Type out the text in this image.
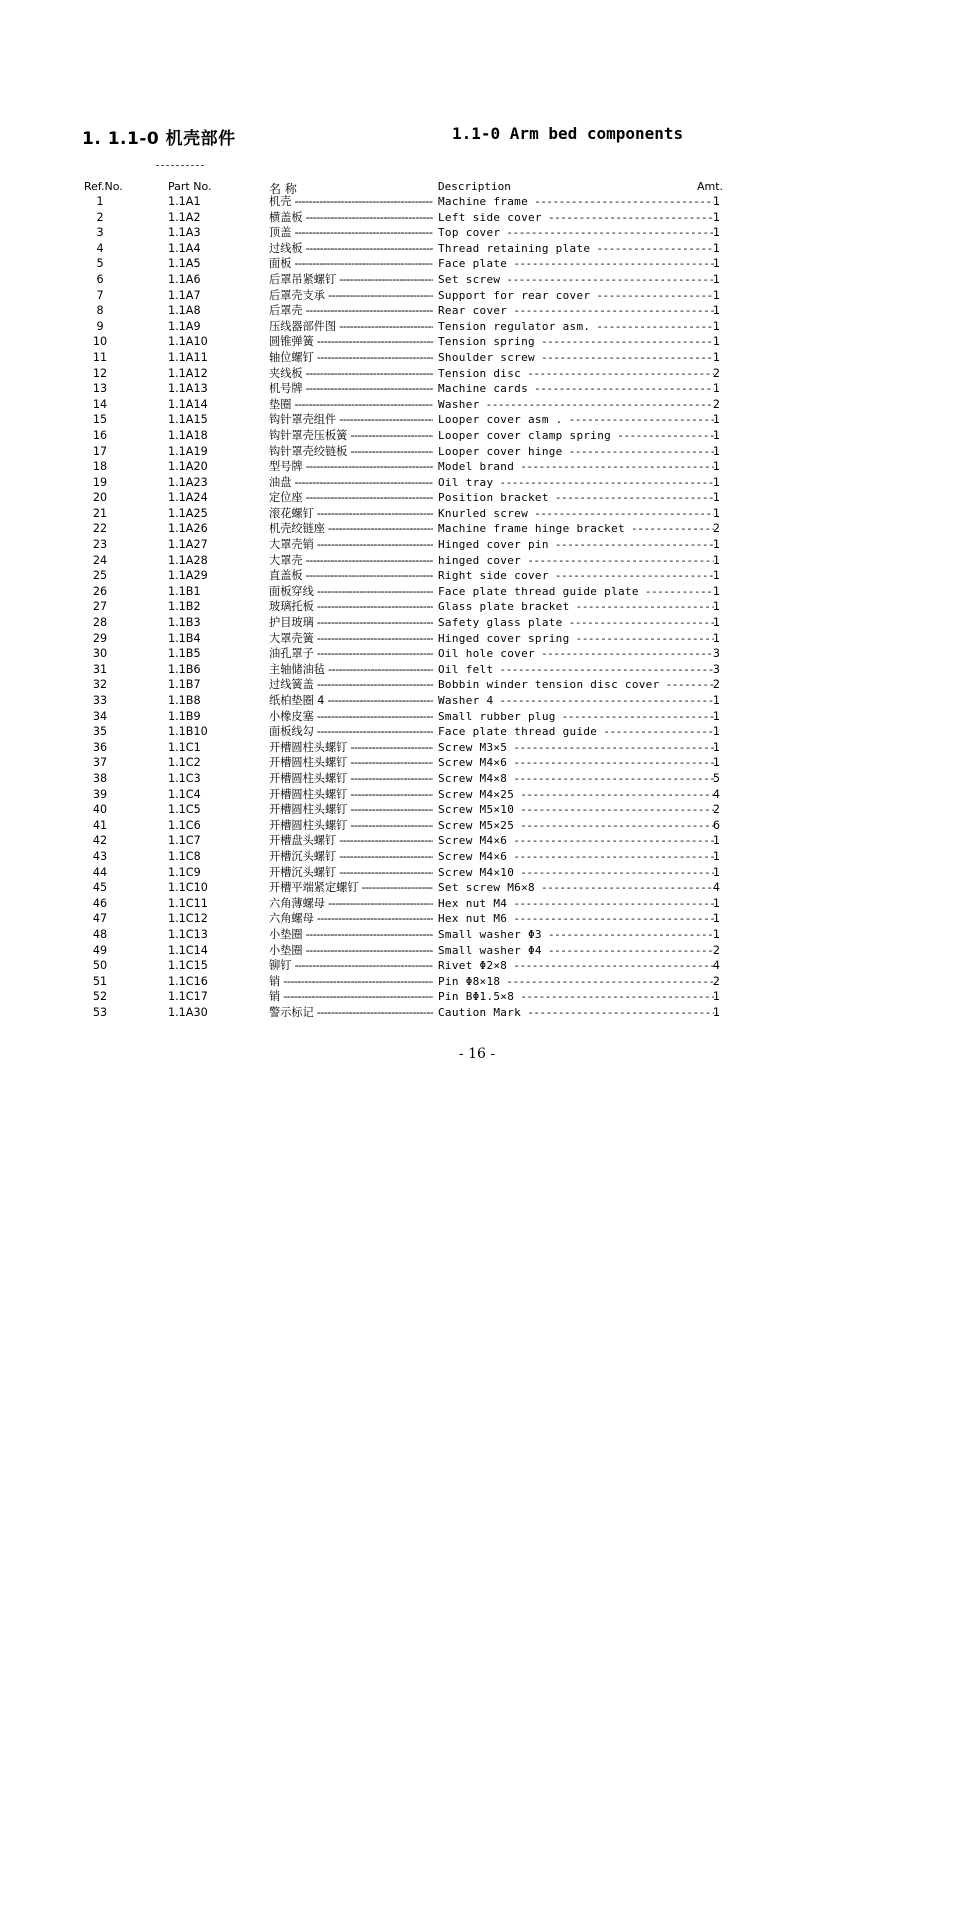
1. 1.1-0 机壳部件	1.1-0 Arm bed components
Ref.No.	Part No.	名 称	Description	Amt.
1	1.1A1	机壳 -----	Machine frame -----	1
2	1.1A2	横盖板 -----	Left side cover -----	1
3	1.1A3	顶盖 -----	Top cover -----	1
4	1.1A4	过线板 -----	Thread retaining plate -----	1
5	1.1A5	面板 -----	Face plate -----	1
6	1.1A6	后罩吊紧螺钉 -----	Set screw -----	1
7	1.1A7	后罩壳支承 -----	Support for rear cover -----	1
8	1.1A8	后罩壳 -----	Rear cover -----	1
9	1.1A9	压线器部件图 -----	Tension regulator asm. -----	1
10	1.1A10	圆锥弹簧 -----	Tension spring -----	1
11	1.1A11	轴位螺钉 -----	Shoulder screw -----	1
12	1.1A12	夹线板 -----	Tension disc -----	2
13	1.1A13	机号牌 -----	Machine cards -----	1
14	1.1A14	垫圈 -----	Washer -----	2
15	1.1A15	钩针罩壳组件 -----	Looper cover asm . -----	1
16	1.1A18	钩针罩壳压板簧 -----	Looper cover clamp spring -----	1
17	1.1A19	钩针罩壳绞链板 -----	Looper cover hinge -----	1
18	1.1A20	型号牌 -----	Model brand -----	1
19	1.1A23	油盘 -----	Oil tray -----	1
20	1.1A24	定位座 -----	Position bracket -----	1
21	1.1A25	滚花螺钉 -----	Knurled screw -----	1
22	1.1A26	机壳绞链座 -----	Machine frame hinge bracket -----	2
23	1.1A27	大罩壳销 -----	Hinged cover pin -----	1
24	1.1A28	大罩壳 -----	hinged cover -----	1
25	1.1A29	直盖板 -----	Right side cover -----	1
26	1.1B1	面板穿线 -----	Face plate thread guide plate -----	1
27	1.1B2	玻璃托板 -----	Glass plate bracket -----	1
28	1.1B3	护目玻璃 -----	Safety glass plate -----	1
29	1.1B4	大罩壳簧 -----	Hinged cover spring -----	1
30	1.1B5	油孔罩子 -----	Oil hole cover -----	3
31	1.1B6	主轴储油毡 -----	Oil felt -----	3
32	1.1B7	过线簧盖 -----	Bobbin winder tension disc cover -----	2
33	1.1B8	纸柏垫圈 4 -----	Washer 4 -----	1
34	1.1B9	小橡皮塞 -----	Small rubber plug -----	1
35	1.1B10	面板线勾 -----	Face plate thread guide -----	1
36	1.1C1	开槽圆柱头螺钉 -----	Screw M3×5 -----	1
37	1.1C2	开槽圆柱头螺钉 -----	Screw M4×6 -----	1
38	1.1C3	开槽圆柱头螺钉 -----	Screw M4×8 -----	5
39	1.1C4	开槽圆柱头螺钉 -----	Screw M4×25 -----	4
40	1.1C5	开槽圆柱头螺钉 -----	Screw M5×10 -----	2
41	1.1C6	开槽圆柱头螺钉 -----	Screw M5×25 -----	6
42	1.1C7	开槽盘头螺钉 -----	Screw M4×6 -----	1
43	1.1C8	开槽沉头螺钉 -----	Screw M4×6 -----	1
44	1.1C9	开槽沉头螺钉 -----	Screw M4×10 -----	1
45	1.1C10	开槽平端紧定螺钉 -----	Set screw M6×8 -----	4
46	1.1C11	六角薄螺母 -----	Hex nut M4 -----	1
47	1.1C12	六角螺母 -----	Hex nut M6 -----	1
48	1.1C13	小垫圈 -----	Small washer Φ3 -----	1
49	1.1C14	小垫圈 -----	Small washer Φ4 -----	2
50	1.1C15	铆钉 -----	Rivet Φ2×8 -----	4
51	1.1C16	销 -----	Pin Φ8×18 -----	2
52	1.1C17	销 -----	Pin BΦ1.5×8 -----	1
53	1.1A30	警示标记 -----	Caution Mark -----	1
- 16 -
